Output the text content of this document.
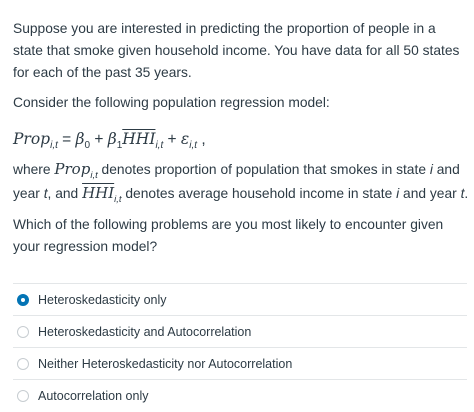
Suppose you are interested in predicting the proportion of people in a state that smoke given household income. You have data for all 50 states for each of the past 35 years.

Consider the following population regression model:

Prop$_{i,t}$ = $\beta_0 + \beta_1\overline{HHI}_{i,t} + \varepsilon_{i,t}$ ,
where Prop$_{i,t}$ denotes proportion of population that smokes in state i and
year t, and $\overline{HHI}_{i,t}$ denotes average household income in state i and year t.

Which of the following problems are you most likely to encounter given your regression model?

Heteroskedasticity only
Heteroskedasticity and Autocorrelation
Neither Heteroskedasticity nor Autocorrelation
Autocorrelation only
